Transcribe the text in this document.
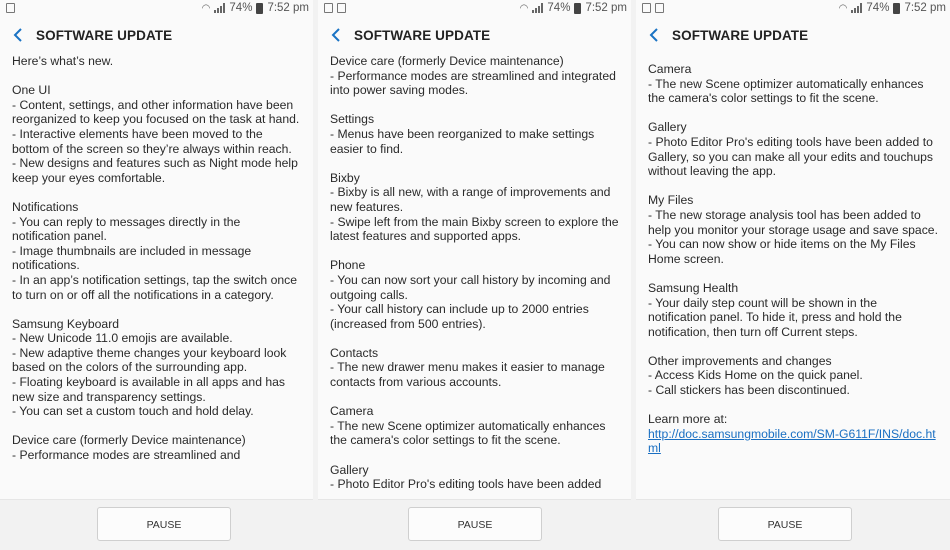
◠ 74% 7:52 pm
SOFTWARE UPDATE

Here’s what’s new.

One UI

- Content, settings, and other information have been reorganized to keep you focused on the task at hand.

- Interactive elements have been moved to the bottom of the screen so they’re always within reach.

- New designs and features such as Night mode help keep your eyes comfortable.

Notifications

- You can reply to messages directly in the notification panel.

- Image thumbnails are included in message notifications.

- In an app’s notification settings, tap the switch once to turn on or off all the notifications in a category.

Samsung Keyboard

- New Unicode 11.0 emojis are available.

- New adaptive theme changes your keyboard look based on the colors of the surrounding app.

- Floating keyboard is available in all apps and has new size and transparency settings.

- You can set a custom touch and hold delay.

Device care (formerly Device maintenance)

- Performance modes are streamlined and

PAUSE
◠ 74% 7:52 pm
SOFTWARE UPDATE

Device care (formerly Device maintenance)

- Performance modes are streamlined and integrated into power saving modes.

Settings

- Menus have been reorganized to make settings easier to find.

Bixby

- Bixby is all new, with a range of improvements and new features.

- Swipe left from the main Bixby screen to explore the latest features and supported apps.

Phone

- You can now sort your call history by incoming and outgoing calls.

- Your call history can include up to 2000 entries (increased from 500 entries).

Contacts

- The new drawer menu makes it easier to manage contacts from various accounts.

Camera

- The new Scene optimizer automatically enhances the camera's color settings to fit the scene.

Gallery

- Photo Editor Pro's editing tools have been added

PAUSE
◠ 74% 7:52 pm
SOFTWARE UPDATE

Camera

- The new Scene optimizer automatically enhances the camera's color settings to fit the scene.

Gallery

- Photo Editor Pro's editing tools have been added to Gallery, so you can make all your edits and touchups without leaving the app.

My Files

- The new storage analysis tool has been added to help you monitor your storage usage and save space.

- You can now show or hide items on the My Files Home screen.

Samsung Health

- Your daily step count will be shown in the notification panel. To hide it, press and hold the notification, then turn off Current steps.

Other improvements and changes

- Access Kids Home on the quick panel.

- Call stickers has been discontinued.

Learn more at:

http://doc.samsungmobile.com/SM-G611F/INS/doc.html
PAUSE
